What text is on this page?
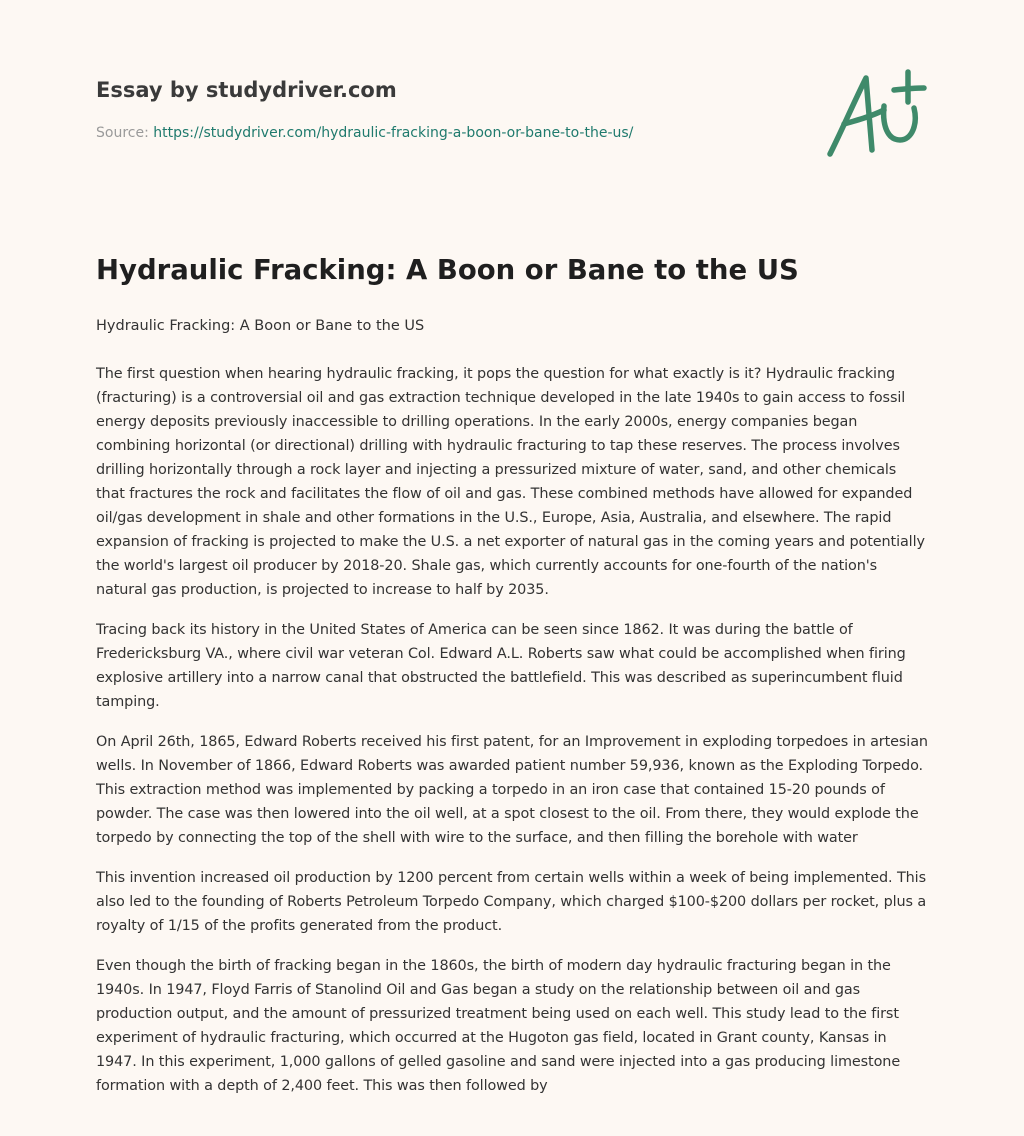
Essay by studydriver.com
Source: https://studydriver.com/hydraulic-fracking-a-boon-or-bane-to-the-us/
Hydraulic Fracking: A Boon or Bane to the US
Hydraulic Fracking: A Boon or Bane to the US

The first question when hearing hydraulic fracking, it pops the question for what exactly is it? Hydraulic fracking (fracturing) is a controversial oil and gas extraction technique developed in the late 1940s to gain access to fossil energy deposits previously inaccessible to drilling operations. In the early 2000s, energy companies began combining horizontal (or directional) drilling with hydraulic fracturing to tap these reserves. The process involves drilling horizontally through a rock layer and injecting a pressurized mixture of water, sand, and other chemicals that fractures the rock and facilitates the flow of oil and gas. These combined methods have allowed for expanded oil/gas development in shale and other formations in the U.S., Europe, Asia, Australia, and elsewhere. The rapid expansion of fracking is projected to make the U.S. a net exporter of natural gas in the coming years and potentially the world's largest oil producer by 2018-20. Shale gas, which currently accounts for one-fourth of the nation's natural gas production, is projected to increase to half by 2035.

Tracing back its history in the United States of America can be seen since 1862. It was during the battle of Fredericksburg VA., where civil war veteran Col. Edward A.L. Roberts saw what could be accomplished when firing explosive artillery into a narrow canal that obstructed the battlefield. This was described as superincumbent fluid tamping.

On April 26th, 1865, Edward Roberts received his first patent, for an Improvement in exploding torpedoes in artesian wells. In November of 1866, Edward Roberts was awarded patient number 59,936, known as the Exploding Torpedo. This extraction method was implemented by packing a torpedo in an iron case that contained 15-20 pounds of powder. The case was then lowered into the oil well, at a spot closest to the oil. From there, they would explode the torpedo by connecting the top of the shell with wire to the surface, and then filling the borehole with water

This invention increased oil production by 1200 percent from certain wells within a week of being implemented. This also led to the founding of Roberts Petroleum Torpedo Company, which charged $100-$200 dollars per rocket, plus a royalty of 1/15 of the profits generated from the product.

Even though the birth of fracking began in the 1860s, the birth of modern day hydraulic fracturing began in the 1940s. In 1947, Floyd Farris of Stanolind Oil and Gas began a study on the relationship between oil and gas production output, and the amount of pressurized treatment being used on each well. This study lead to the first experiment of hydraulic fracturing, which occurred at the Hugoton gas field, located in Grant county, Kansas in 1947. In this experiment, 1,000 gallons of gelled gasoline and sand were injected into a gas producing limestone formation with a depth of 2,400 feet. This was then followed by
